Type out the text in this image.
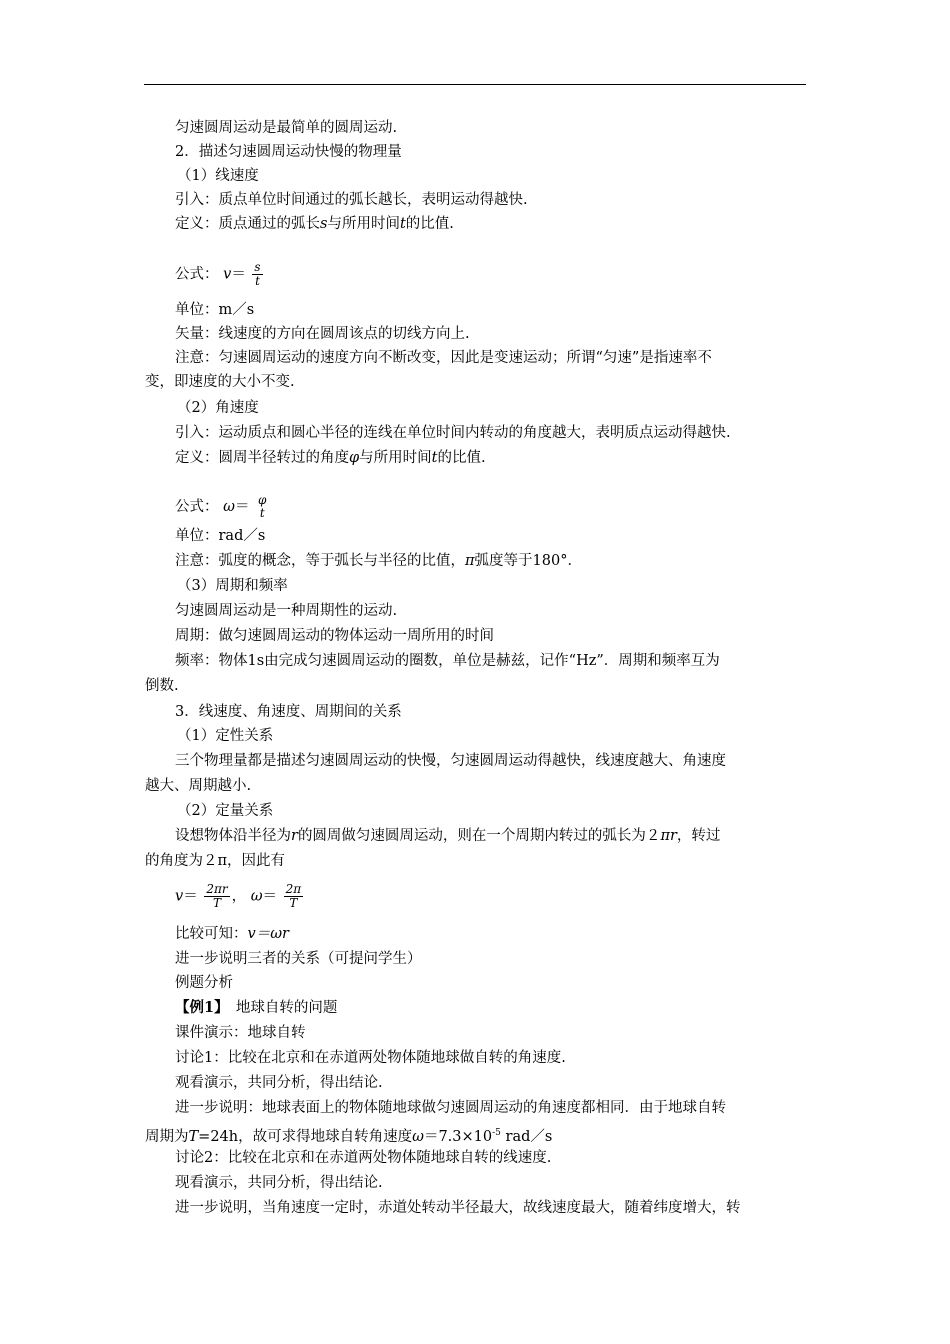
匀速圆周运动是最简单的圆周运动.
2．描述匀速圆周运动快慢的物理量
（1）线速度
引入：质点单位时间通过的弧长越长，表明运动得越快.
定义：质点通过的弧长s与所用时间t的比值.
公式： $v= \frac{s}{t}$
单位：m／s
矢量：线速度的方向在圆周该点的切线方向上.
注意：匀速圆周运动的速度方向不断改变，因此是变速运动；所谓“匀速”是指速率不
变，即速度的大小不变.
（2）角速度
引入：运动质点和圆心半径的连线在单位时间内转动的角度越大，表明质点运动得越快.
定义：圆周半径转过的角度φ与所用时间t的比值.
公式： ω＝ φ
t
单位：rad／s
注意：弧度的概念，等于弧长与半径的比值，π弧度等于180°．
（3）周期和频率
匀速圆周运动是一种周期性的运动.
周期：做匀速圆周运动的物体运动一周所用的时间
频率：物体1s由完成匀速圆周运动的圈数，单位是赫兹，记作“Hz”．周期和频率互为
倒数.
3．线速度、角速度、周期间的关系
（1）定性关系
三个物理量都是描述匀速圆周运动的快慢，匀速圆周运动得越快，线速度越大、角速度
越大、周期越小.
（2）定量关系
设想物体沿半径为r的圆周做匀速圆周运动，则在一个周期内转过的弧长为２πr，转过
的角度为２π，因此有
$v= \frac{2\pi r}{T}$ ， $\omega= \frac{2\pi}{T}$
比较可知：v＝ωr
进一步说明三者的关系（可提问学生）
例题分析
【例1】　地球自转的问题
课件演示：地球自转
讨论1：比较在北京和在赤道两处物体随地球做自转的角速度.
观看演示，共同分析，得出结论.
进一步说明：地球表面上的物体随地球做匀速圆周运动的角速度都相同．由于地球自转
周期为T=24h，故可求得地球自转角速度$\omega=7.3\times 10^{-5}$ rad／s
讨论2：比较在北京和在赤道两处物体随地球自转的线速度.
现看演示，共同分析，得出结论.
进一步说明，当角速度一定时，赤道处转动半径最大，故线速度最大，随着纬度增大，转
